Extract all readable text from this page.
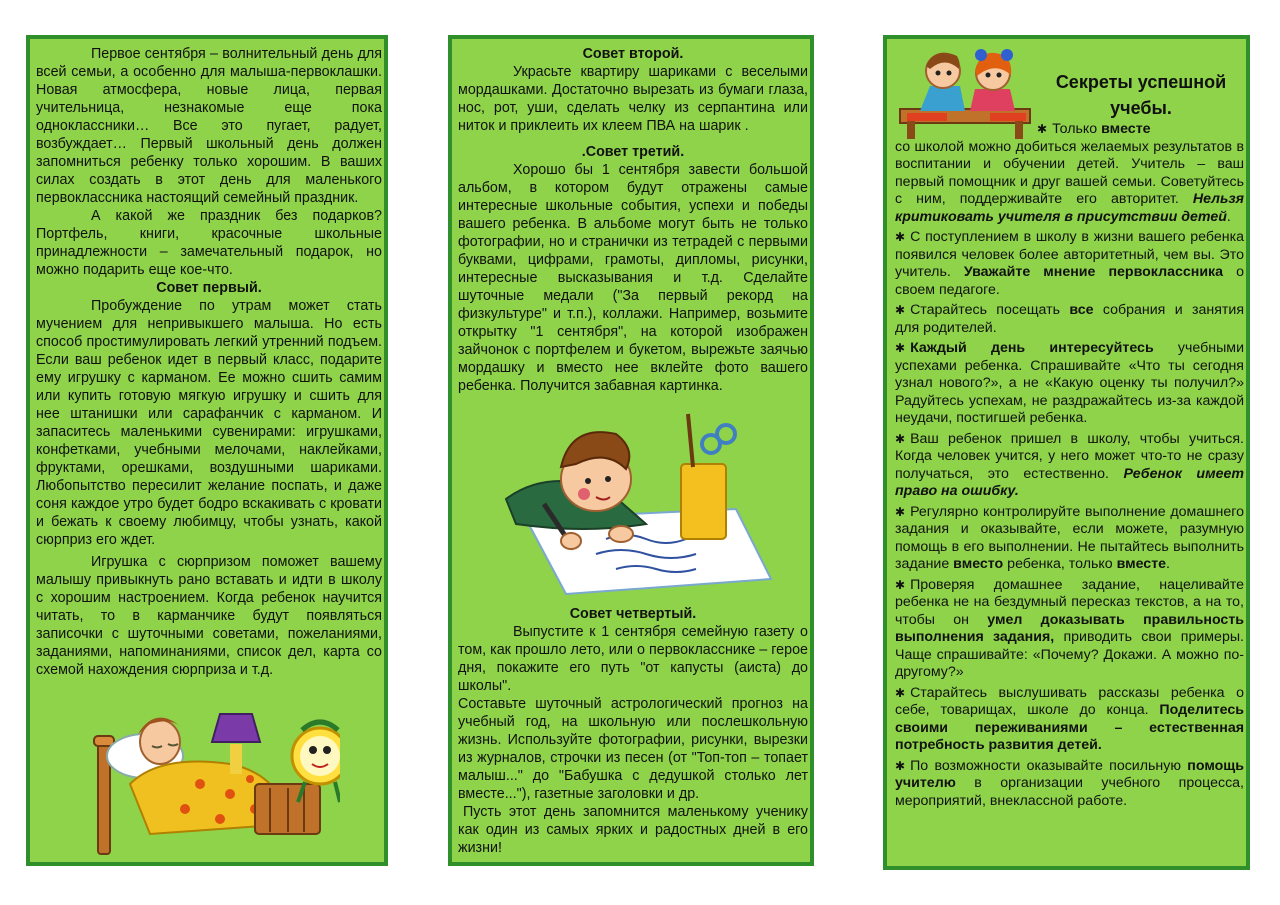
Первое сентября – волнительный день для всей семьи, а особенно для малыша-первоклашки. Новая атмосфера, новые лица, первая учительница, незнакомые еще пока одноклассники… Все это пугает, радует, возбуждает… Первый школьный день должен запомниться ребенку только хорошим. В ваших силах создать в этот день для маленького первоклассника настоящий семейный праздник.

А какой же праздник без подарков? Портфель, книги, красочные школьные принадлежности – замечательный подарок, но можно подарить еще кое-что.

Совет первый.

Пробуждение по утрам может стать мучением для непривыкшего малыша. Но есть способ простимулировать легкий утренний подъем. Если ваш ребенок идет в первый класс, подарите ему игрушку с карманом. Ее можно сшить самим или купить готовую мягкую игрушку и сшить для нее штанишки или сарафанчик с карманом. И запаситесь маленькими сувенирами: игрушками, конфетками, учебными мелочами, наклейками, фруктами, орешками, воздушными шариками. Любопытство пересилит желание поспать, и даже соня каждое утро будет бодро вскакивать с кровати и бежать к своему любимцу, чтобы узнать, какой сюрприз его ждет.

Игрушка с сюрпризом поможет вашему малышу привыкнуть рано вставать и идти в школу с хорошим настроением. Когда ребенок научится читать, то в карманчике будут появляться записочки с шуточными советами, пожеланиями, заданиями, напоминаниями, список дел, карта со схемой нахождения сюрприза и т.д.

Совет второй.

Украсьте квартиру шариками с веселыми мордашками. Достаточно вырезать из бумаги глаза, нос, рот, уши, сделать челку из серпантина или ниток и приклеить их клеем ПВА на шарик .

.Совет третий.

Хорошо бы 1 сентября завести большой альбом, в котором будут отражены самые интересные школьные события, успехи и победы вашего ребенка. В альбоме могут быть не только фотографии, но и странички из тетрадей с первыми буквами, цифрами, грамоты, дипломы, рисунки, интересные высказывания и т.д. Сделайте шуточные медали ("За первый рекорд на физкультуре" и т.п.), коллажи. Например, возьмите открытку "1 сентября", на которой изображен зайчонок с портфелем и букетом, вырежьте заячью мордашку и вместо нее вклейте фото вашего ребенка. Получится забавная картинка.

Совет четвертый.

Выпустите к 1 сентября семейную газету о том, как прошло лето, или о первокласснике – герое дня, покажите его путь "от капусты (аиста) до школы".

Составьте шуточный астрологический прогноз на учебный год, на школьную или послешкольную жизнь. Используйте фотографии, рисунки, вырезки из журналов, строчки из песен (от "Топ-топ – топает малыш..." до "Бабушка с дедушкой столько лет вместе..."), газетные заголовки и др.

Пусть этот день запомнится маленькому ученику как один из самых ярких и радостных дней в его жизни!

Секреты успешной учебы.

✱ Только вместе

со школой можно добиться желаемых результатов в воспитании и обучении детей. Учитель – ваш первый помощник и друг вашей семьи. Советуйтесь с ним, поддерживайте его авторитет. Нельзя критиковать учителя в присутствии детей.

✱ С поступлением в школу в жизни вашего ребенка появился человек более авторитетный, чем вы. Это учитель. Уважайте мнение первоклассника о своем педагоге.

✱ Старайтесь посещать все собрания и занятия для родителей.

✱ Каждый день интересуйтесь учебными успехами ребенка. Спрашивайте «Что ты сегодня узнал нового?», а не «Какую оценку ты получил?» Радуйтесь успехам, не раздражайтесь из-за каждой неудачи, постигшей ребенка.

✱ Ваш ребенок пришел в школу, чтобы учиться. Когда человек учится, у него может что-то не сразу получаться, это естественно. Ребенок имеет право на ошибку.

✱ Регулярно контролируйте выполнение домашнего задания и оказывайте, если можете, разумную помощь в его выполнении. Не пытайтесь выполнить задание вместо ребенка, только вместе.

✱ Проверяя домашнее задание, нацеливайте ребенка не на бездумный пересказ текстов, а на то, чтобы он умел доказывать правильность выполнения задания, приводить свои примеры. Чаще спрашивайте: «Почему? Докажи. А можно по-другому?»

✱ Старайтесь выслушивать рассказы ребенка о себе, товарищах, школе до конца. Поделитесь своими переживаниями – естественная потребность развития детей.

✱ По возможности оказывайте посильную помощь учителю в организации учебного процесса, мероприятий, внеклассной работе.
